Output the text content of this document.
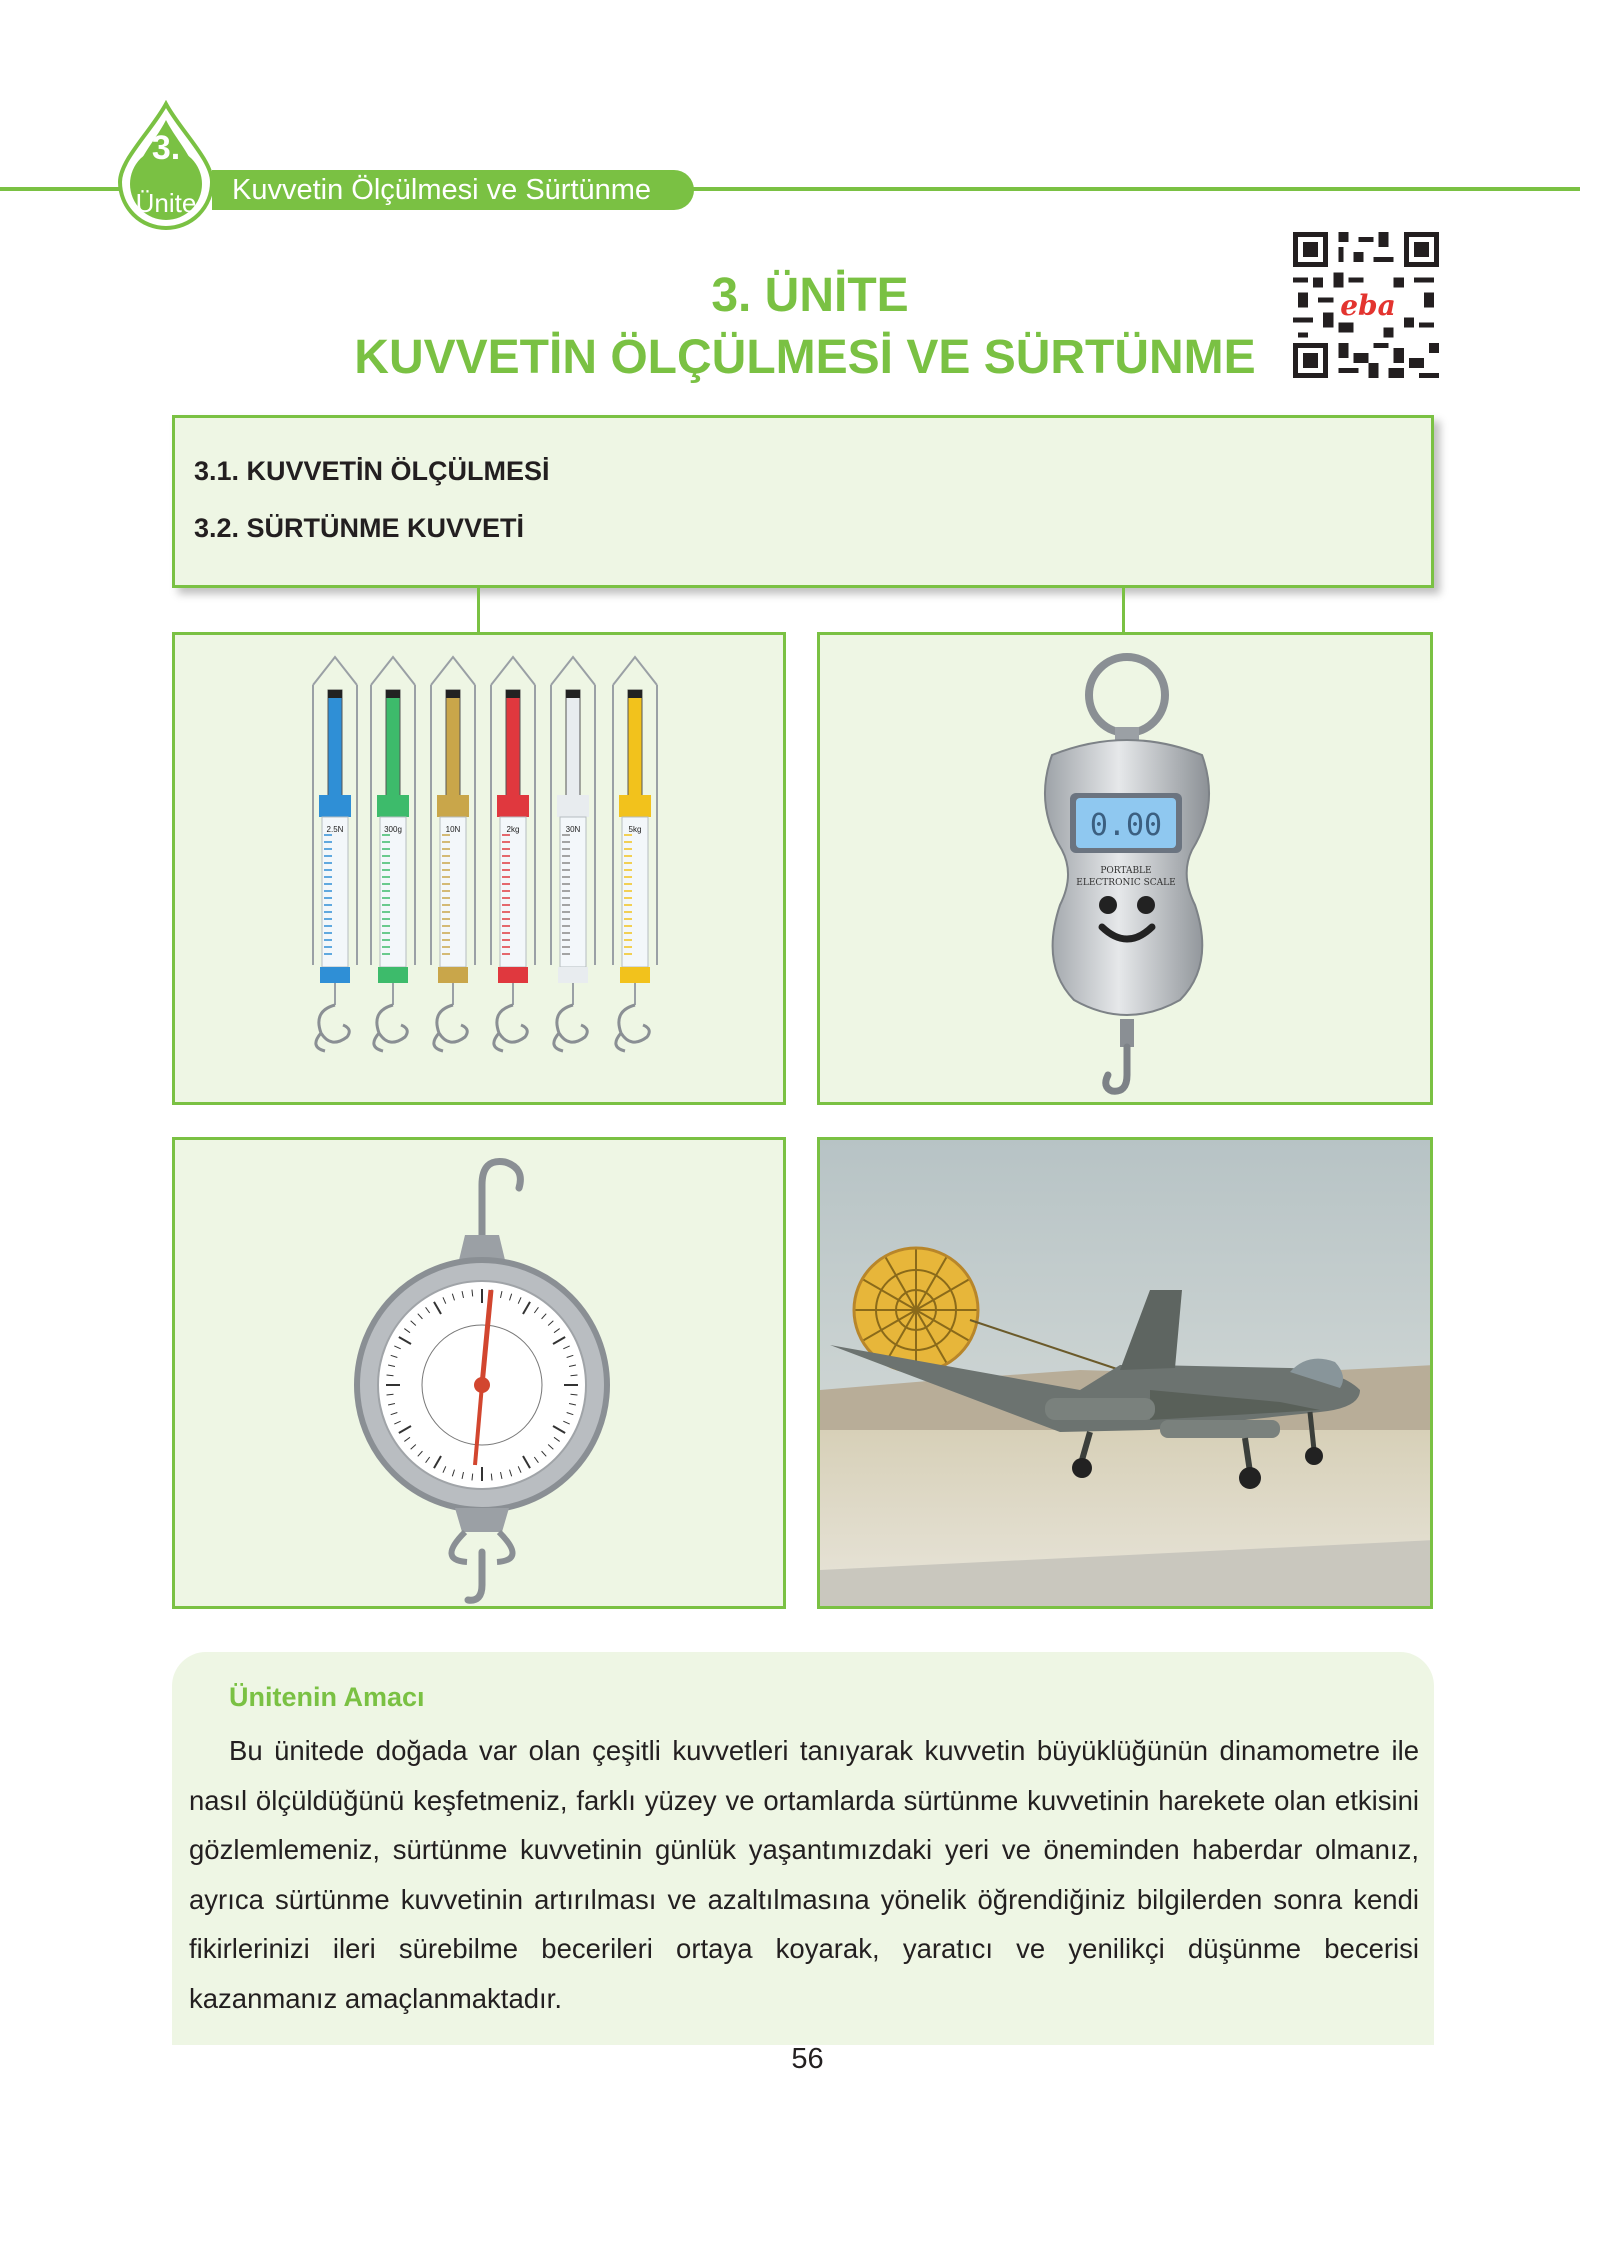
3.
Ünite	Kuvvetin Ölçülmesi ve Sürtünme
3. ÜNİTE
KUVVETİN ÖLÇÜLMESİ VE SÜRTÜNME
eba
3.1. KUVVETİN ÖLÇÜLMESİ
3.2. SÜRTÜNME KUVVETİ
2.5N	300g	10N	2kg	30N	5kg	0.00
PORTABLE
ELECTRONIC SCALE
Ünitenin Amacı

Bu ünitede doğada var olan çeşitli kuvvetleri tanıyarak kuvvetin büyüklüğünün dinamometre ile nasıl ölçüldüğünü keşfetmeniz, farklı yüzey ve ortamlarda sürtünme kuvvetinin harekete olan etkisini gözlemlemeniz, sürtünme kuvvetinin günlük yaşantımızdaki yeri ve öneminden haberdar olmanız, ayrıca sürtünme kuvvetinin artırılması ve azaltılmasına yönelik öğrendiğiniz bilgilerden sonra kendi fikirlerinizi ileri sürebilme becerileri ortaya koyarak, yaratıcı ve yenilikçi düşünme becerisi kazanmanız amaçlanmaktadır.

56
